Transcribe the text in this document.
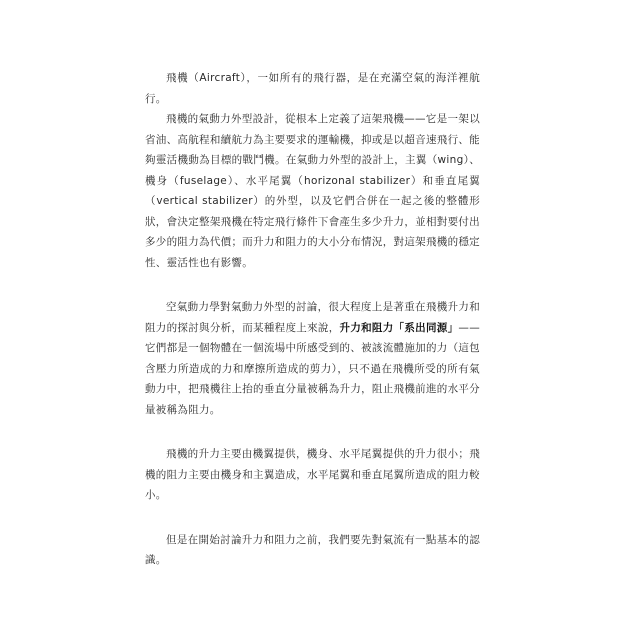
飛機（Aircraft），一如所有的飛行器，是在充滿空氣的海洋裡航行。

飛機的氣動力外型設計，從根本上定義了這架飛機——它是一架以省油、高航程和續航力為主要要求的運輸機，抑或是以超音速飛行、能夠靈活機動為目標的戰鬥機。在氣動力外型的設計上，主翼（wing）、機身（fuselage）、水平尾翼（horizonal stabilizer）和垂直尾翼（vertical stabilizer）的外型，以及它們合併在一起之後的整體形狀，會決定整架飛機在特定飛行條件下會產生多少升力，並相對要付出多少的阻力為代價；而升力和阻力的大小分布情況，對這架飛機的穩定性、靈活性也有影響。

空氣動力學對氣動力外型的討論，很大程度上是著重在飛機升力和阻力的探討與分析，而某種程度上來說，升力和阻力「系出同源」——它們都是一個物體在一個流場中所感受到的、被該流體施加的力（這包含壓力所造成的力和摩擦所造成的剪力），只不過在飛機所受的所有氣動力中，把飛機往上抬的垂直分量被稱為升力，阻止飛機前進的水平分量被稱為阻力。

飛機的升力主要由機翼提供，機身、水平尾翼提供的升力很小；飛機的阻力主要由機身和主翼造成，水平尾翼和垂直尾翼所造成的阻力較小。

但是在開始討論升力和阻力之前，我們要先對氣流有一點基本的認識。
